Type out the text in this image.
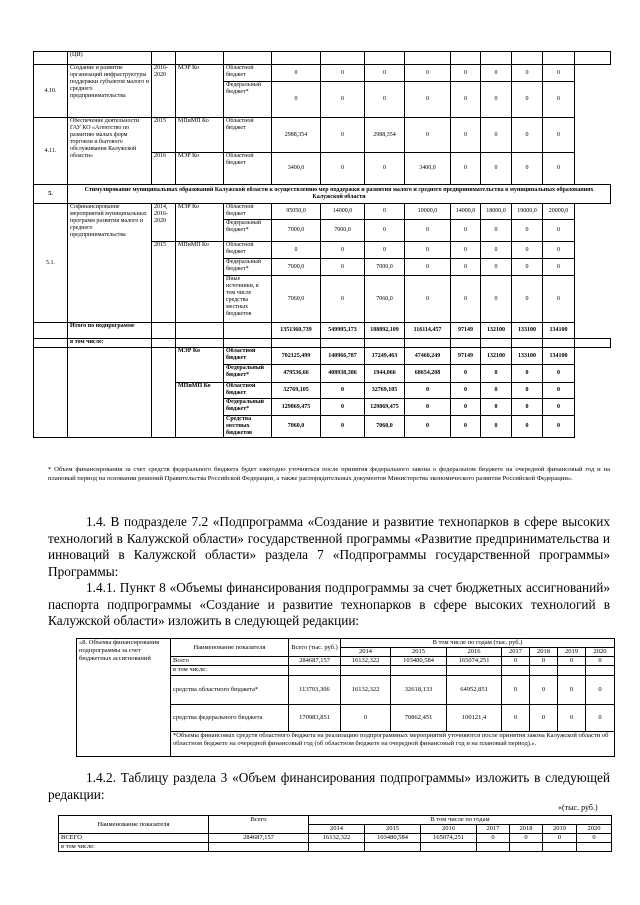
	(ЦИ)												
4.10.	Создание и развитие организаций инфраструктуры поддержки субъектов малого и среднего предпринимательства	2016-2020	МЭР Ко	Областной бюджет	0	0	0	0	0	0	0	0	
				Федеральный бюджет*	0	0	0	0	0	0	0	0	
4.11.	Обеспечение деятельности ГАУ КО «Агентство по развитию малых форм торговли и бытового обслуживания Калужской области»	2015	МПиМП Ко	Областной бюджет	2988,354	0	2988,354	0	0	0	0	0	
		2016	МЭР Ко	Областной бюджет	3400,0	0	0	3400,0	0	0	0	0	
5.	Стимулирование муниципальных образований Калужской области к осуществлению мер поддержки и развития малого и среднего предпринимательства в муниципальных образованиях Калужской области												
5.1.	Софинансирование мероприятий муниципальных программ развития малого и среднего предпринимательства	2014, 2016-2020	МЭР Ко	Областной бюджет	95050,0	14000,0	0	10000,0	14000,0	18000,0	19000,0	20000,0	
				Федеральный бюджет*	7000,0	7000,0	0	0	0	0	0	0	
		2015	МПиМП Ко	Областной бюджет	0	0	0	0	0	0	0	0	
				Федеральный бюджет*	7000,0	0	7000,0	0	0	0	0	0	
				Иные источники, в том числе средства местных бюджетов	7060,0	0	7060,0	0	0	0	0	0	
	Итого по подпрограмме				1351360,739	549905,173	188892,109	116114,457	97149	132100	133100	134100	
	в том числе:												
			МЭР Ко	Областной бюджет	702125,499	140966,787	17249,463	47460,249	97149	132100	133100	134100	
				Федеральный бюджет*	479536,66	408938,386	1944,066	68654,208	0	0	0	0	
			МПиМП Ко	Областной бюджет	32769,105	0	32769,105	0	0	0	0	0	
				Федеральный бюджет*	129869,475	0	129869,475	0	0	0	0	0	
				Средства местных бюджетов	7060,0	0	7060,0	0	0	0	0	0	
* Объем финансирования за счет средств федерального бюджета будет ежегодно уточняться после принятия федерального закона о федеральном бюджете на очередной финансовый год и на плановый период на основании решений Правительства Российской Федерации, а также распорядительных документов Министерства экономического развития Российской Федерации».
1.4. В подразделе 7.2 «Подпрограмма «Создание и развитие технопарков в сфере высоких технологий в Калужской области» государственной программы «Развитие предпринимательства и инноваций в Калужской области» раздела 7 «Подпрограммы государственной программы» Программы:
1.4.1. Пункт 8 «Объемы финансирования подпрограммы за счет бюджетных ассигнований» паспорта подпрограммы «Создание и развитие технопарков в сфере высоких технологий в Калужской области» изложить в следующей редакции:
«8. Объемы финансирования подпрограммы за счет бюджетных ассигнований	Наименование показателя	Всего (тыс. руб.)	В том числе по годам (тыс. руб.)						
			2014	2015	2016	2017	2018	2019	2020
	Всего	284687,157	16132,322	103480,584	165074,251	0	0	0	0
	в том числе:								
	средства областного бюджета*	113703,306	16132,322	32618,133	64952,851	0	0	0	0
	средства федерального бюджета	170983,851	0	70862,451	100121,4	0	0	0	0
	*Объемы финансовых средств областного бюджета на реализацию подпрограммных мероприятий уточняются после принятия закона Калужской области об областном бюджете на очередной финансовый год (об областном бюджете на очередной финансовый год и на плановый период).».								
1.4.2. Таблицу раздела 3 «Объем финансирования подпрограммы» изложить в следующей редакции:
«(тыс. руб.)
Наименование показателя	Всего	В том числе по годам						
		2014	2015	2016	2017	2018	2019	2020
ВСЕГО	284687,157	16132,322	103480,584	165074,251	0	0	0	0
в том числе:								
